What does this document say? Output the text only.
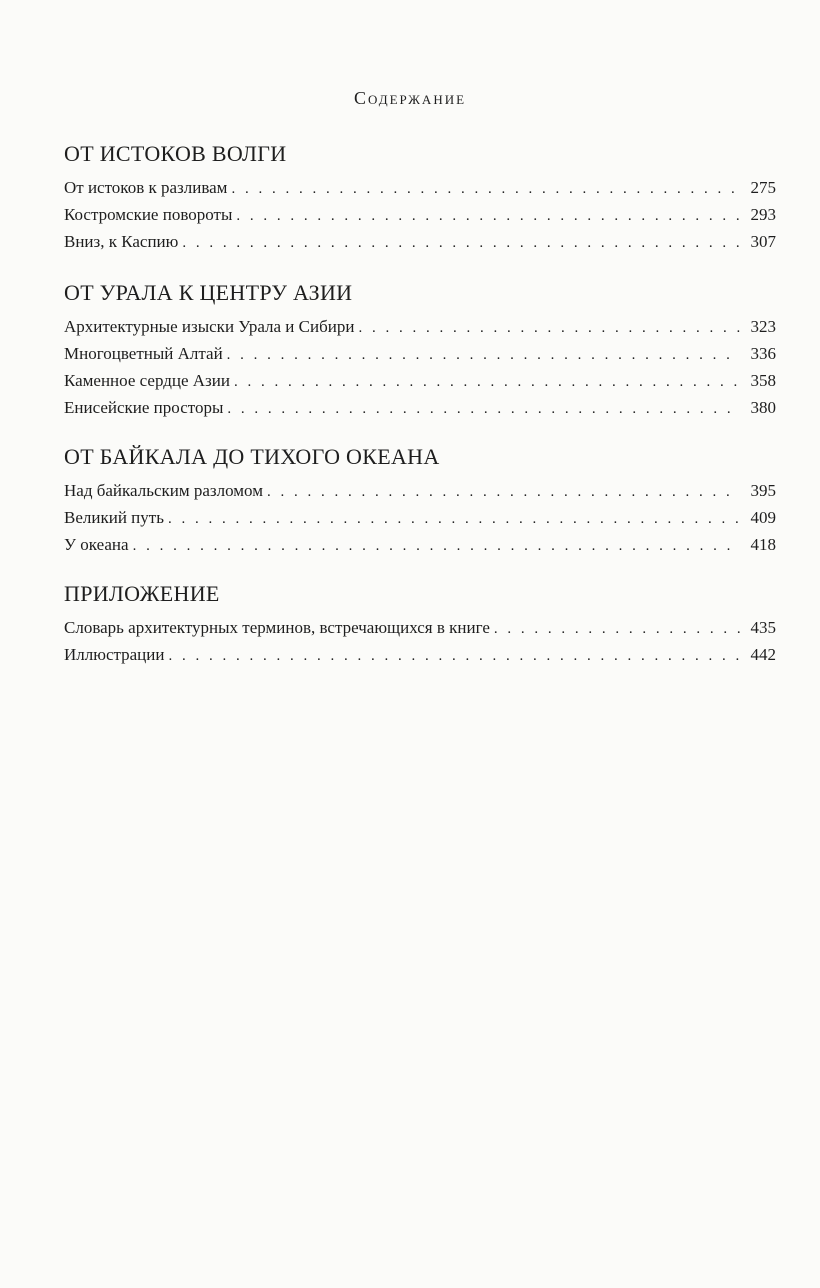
Содержание
ОТ ИСТОКОВ ВОЛГИ
От истоков к разливам . . .	275
Костромские повороты . . .	293
Вниз, к Каспию . . .	307
ОТ УРАЛА К ЦЕНТРУ АЗИИ
Архитектурные изыски Урала и Сибири . . .	323
Многоцветный Алтай . . .	336
Каменное сердце Азии . . .	358
Енисейские просторы . . .	380
ОТ БАЙКАЛА ДО ТИХОГО ОКЕАНА
Над байкальским разломом . . .	395
Великий путь . . .	409
У океана . . .	418
ПРИЛОЖЕНИЕ
Словарь архитектурных терминов, встречающихся в книге . . .	435
Иллюстрации . . .	442
